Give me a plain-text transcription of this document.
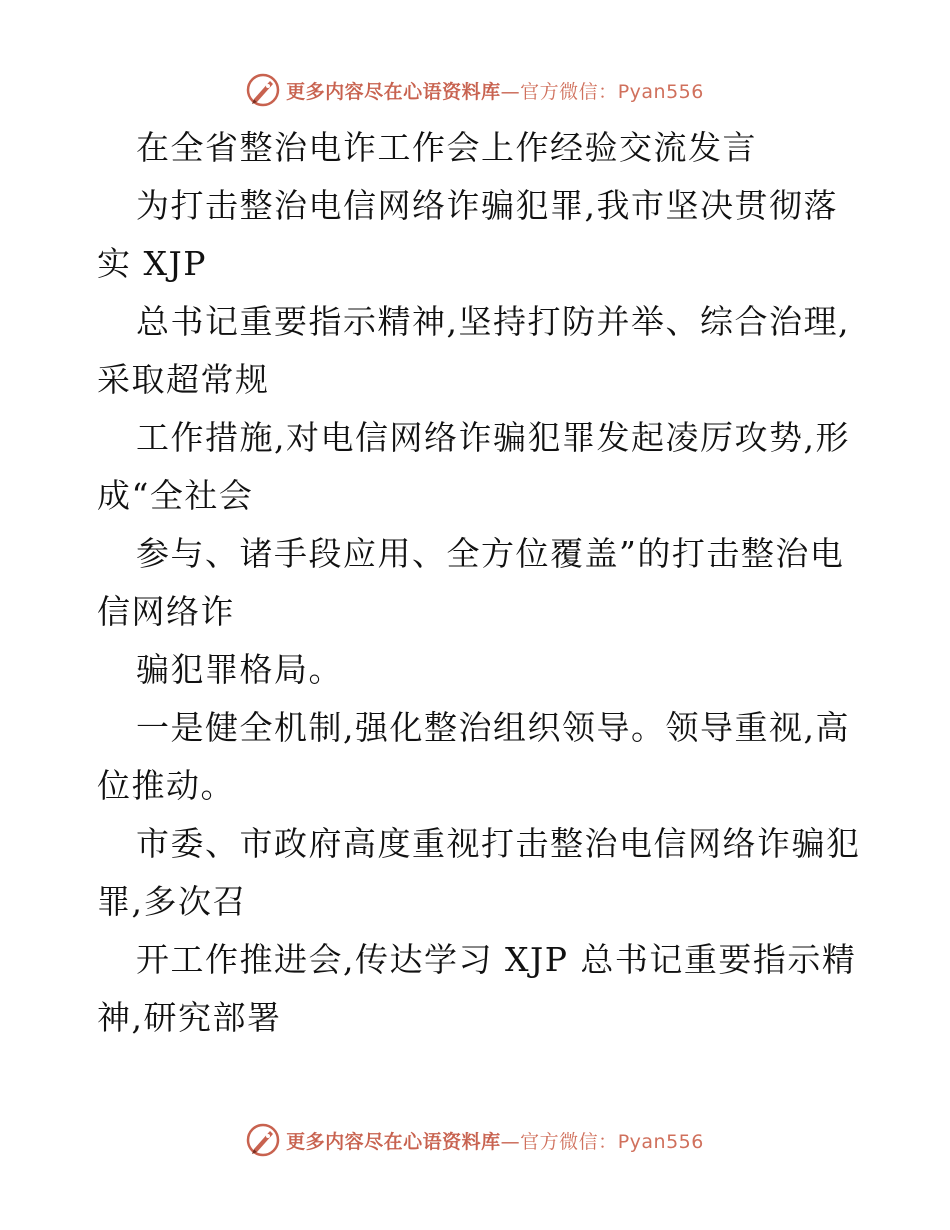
更多内容尽在心语资料库—官方微信：Pyan556
在全省整治电诈工作会上作经验交流发言
为打击整治电信网络诈骗犯罪,我市坚决贯彻落
实 XJP
总书记重要指示精神,坚持打防并举、综合治理,
采取超常规
工作措施,对电信网络诈骗犯罪发起凌厉攻势,形
成“全社会
参与、诸手段应用、全方位覆盖”的打击整治电
信网络诈
骗犯罪格局。
一是健全机制,强化整治组织领导。领导重视,高
位推动。
市委、市政府高度重视打击整治电信网络诈骗犯
罪,多次召
开工作推进会,传达学习 XJP 总书记重要指示精
神,研究部署
更多内容尽在心语资料库—官方微信：Pyan556
